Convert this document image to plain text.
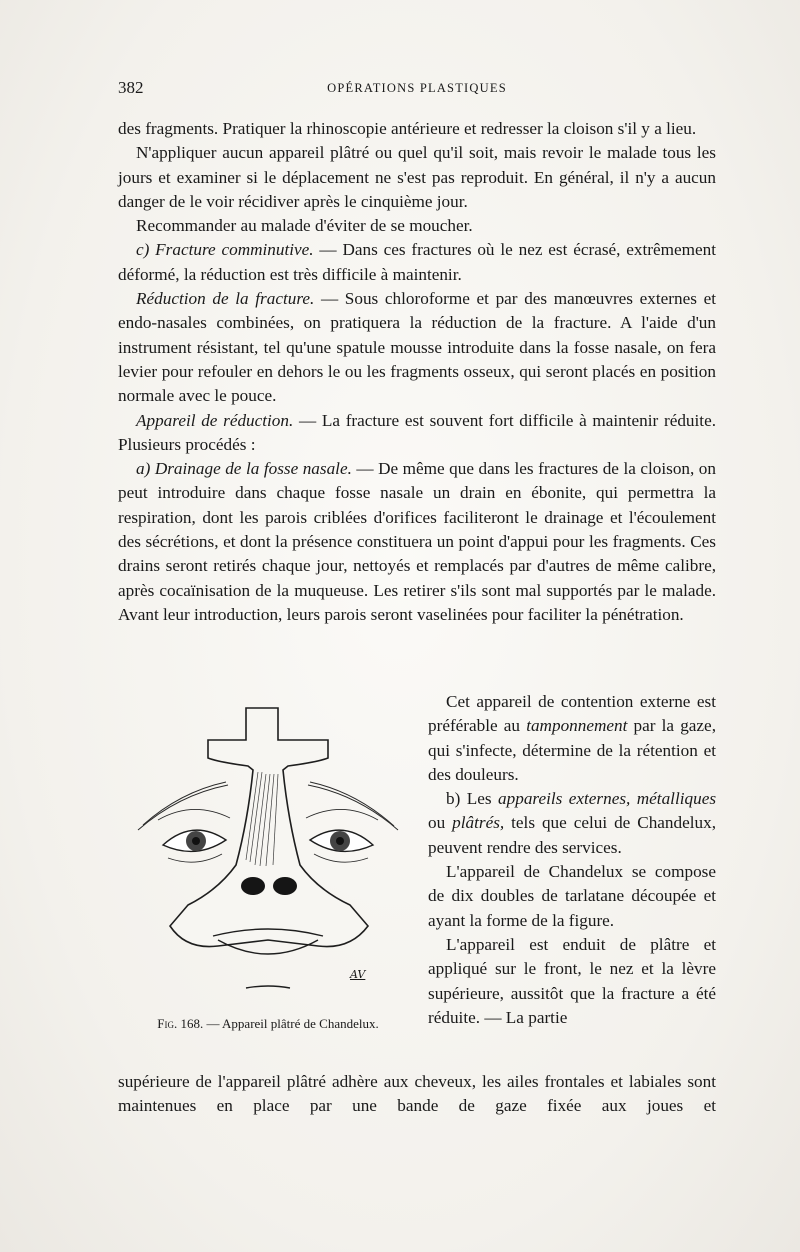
382	OPÉRATIONS PLASTIQUES

des fragments. Pratiquer la rhinoscopie antérieure et redresser la cloison s'il y a lieu.

N'appliquer aucun appareil plâtré ou quel qu'il soit, mais revoir le malade tous les jours et examiner si le déplacement ne s'est pas reproduit. En général, il n'y a aucun danger de le voir récidiver après le cinquième jour.

Recommander au malade d'éviter de se moucher.

c) Fracture comminutive. — Dans ces fractures où le nez est écrasé, extrêmement déformé, la réduction est très difficile à maintenir.

Réduction de la fracture. — Sous chloroforme et par des manœuvres externes et endo-nasales combinées, on pratiquera la réduction de la fracture. A l'aide d'un instrument résistant, tel qu'une spatule mousse introduite dans la fosse nasale, on fera levier pour refouler en dehors le ou les fragments osseux, qui seront placés en position normale avec le pouce.

Appareil de réduction. — La fracture est souvent fort difficile à maintenir réduite. Plusieurs procédés :

a) Drainage de la fosse nasale. — De même que dans les fractures de la cloison, on peut introduire dans chaque fosse nasale un drain en ébonite, qui permettra la respiration, dont les parois criblées d'orifices faciliteront le drainage et l'écoulement des sécrétions, et dont la présence constituera un point d'appui pour les fragments. Ces drains seront retirés chaque jour, nettoyés et remplacés par d'autres de même calibre, après cocaïnisation de la muqueuse. Les retirer s'ils sont mal supportés par le malade. Avant leur introduction, leurs parois seront vaselinées pour faciliter la pénétration.

AV
Fig. 168. — Appareil plâtré de Chandelux.

Cet appareil de contention externe est préférable au tamponnement par la gaze, qui s'infecte, détermine de la rétention et des douleurs.

b) Les appareils externes, métalliques ou plâtrés, tels que celui de Chandelux, peuvent rendre des services.

L'appareil de Chandelux se compose de dix doubles de tarlatane découpée et ayant la forme de la figure.

L'appareil est enduit de plâtre et appliqué sur le front, le nez et la lèvre supérieure, aussitôt que la fracture a été réduite. — La partie

supérieure de l'appareil plâtré adhère aux cheveux, les ailes frontales et labiales sont maintenues en place par une bande de gaze fixée aux joues et
